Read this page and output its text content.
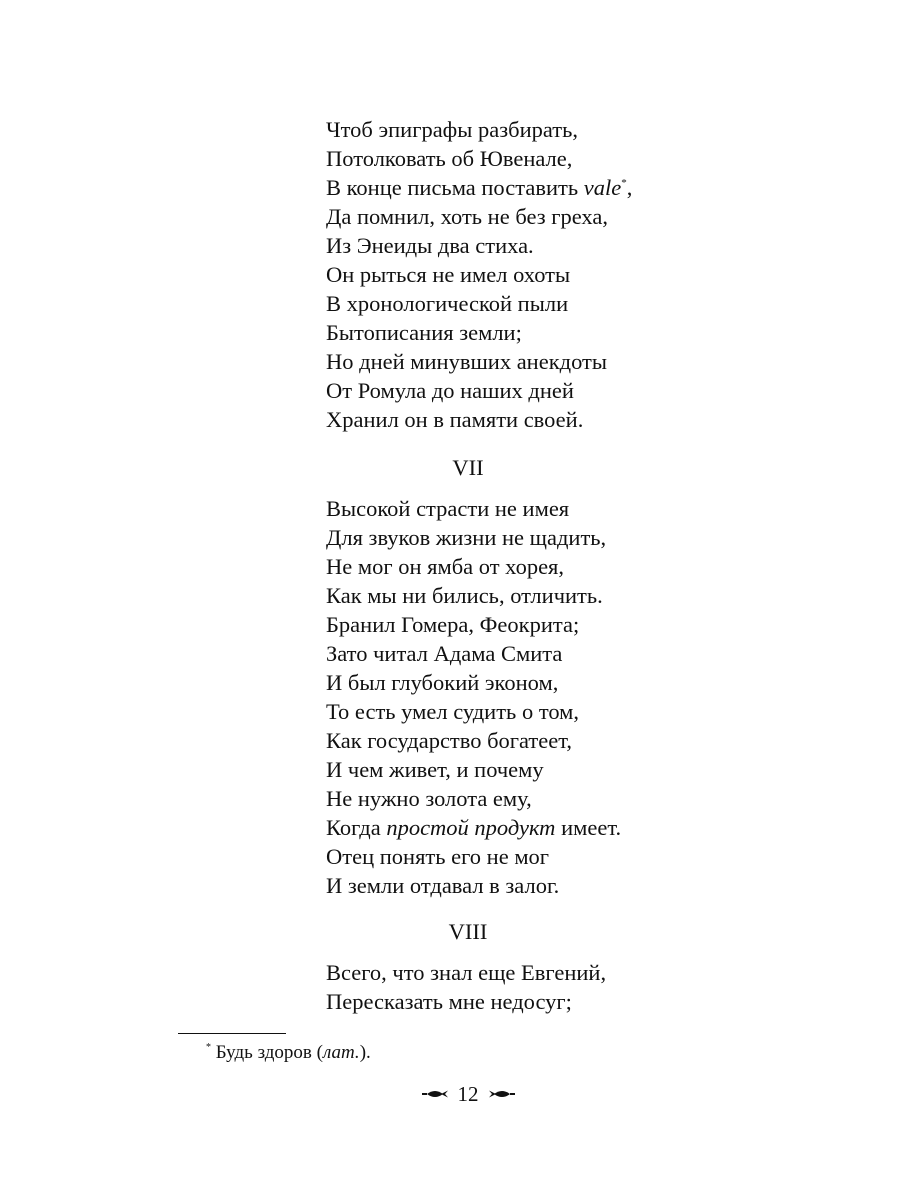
Чтоб эпиграфы разбирать,
Потолковать об Ювенале,
В конце письма поставить vale*,
Да помнил, хоть не без греха,
Из Энеиды два стиха.
Он рыться не имел охоты
В хронологической пыли
Бытописания земли;
Но дней минувших анекдоты
От Ромула до наших дней
Хранил он в памяти своей.
VII
Высокой страсти не имея
Для звуков жизни не щадить,
Не мог он ямба от хорея,
Как мы ни бились, отличить.
Бранил Гомера, Феокрита;
Зато читал Адама Смита
И был глубокий эконом,
То есть умел судить о том,
Как государство богатеет,
И чем живет, и почему
Не нужно золота ему,
Когда простой продукт имеет.
Отец понять его не мог
И земли отдавал в залог.
VIII
Всего, что знал еще Евгений,
Пересказать мне недосуг;
* Будь здоров (лат.).
12
